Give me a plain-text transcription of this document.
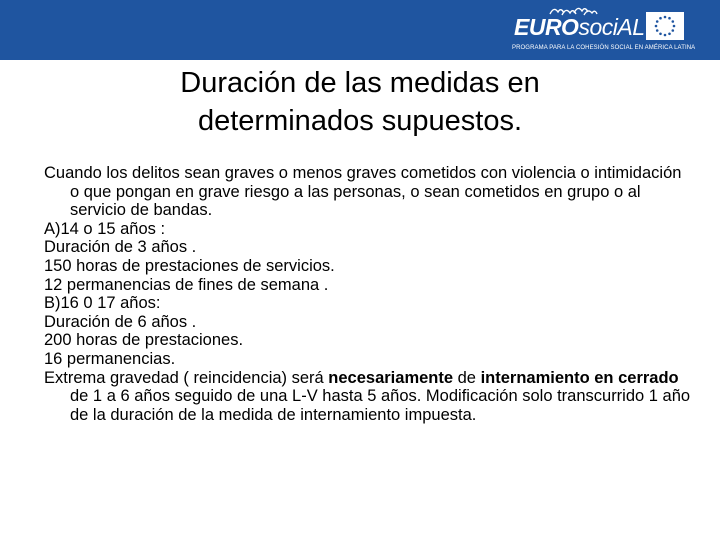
EUROsociAL
PROGRAMA PARA LA COHESIÓN SOCIAL EN AMÉRICA LATINA
Duración de las medidas en
determinados supuestos.

Cuando los delitos sean graves o menos graves cometidos con violencia o intimidación o que pongan en grave riesgo a las personas, o sean cometidos en grupo o al servicio de bandas.

A)14 o 15 años :

Duración de 3 años .

150 horas de prestaciones de servicios.

12 permanencias de fines de semana .

B)16 0 17 años:

Duración de 6 años .

200 horas de prestaciones.

16 permanencias.

Extrema gravedad ( reincidencia) será necesariamente de internamiento en cerrado de 1 a 6 años seguido de una L-V hasta 5 años. Modificación solo transcurrido 1 año de la duración de la medida de internamiento impuesta.
